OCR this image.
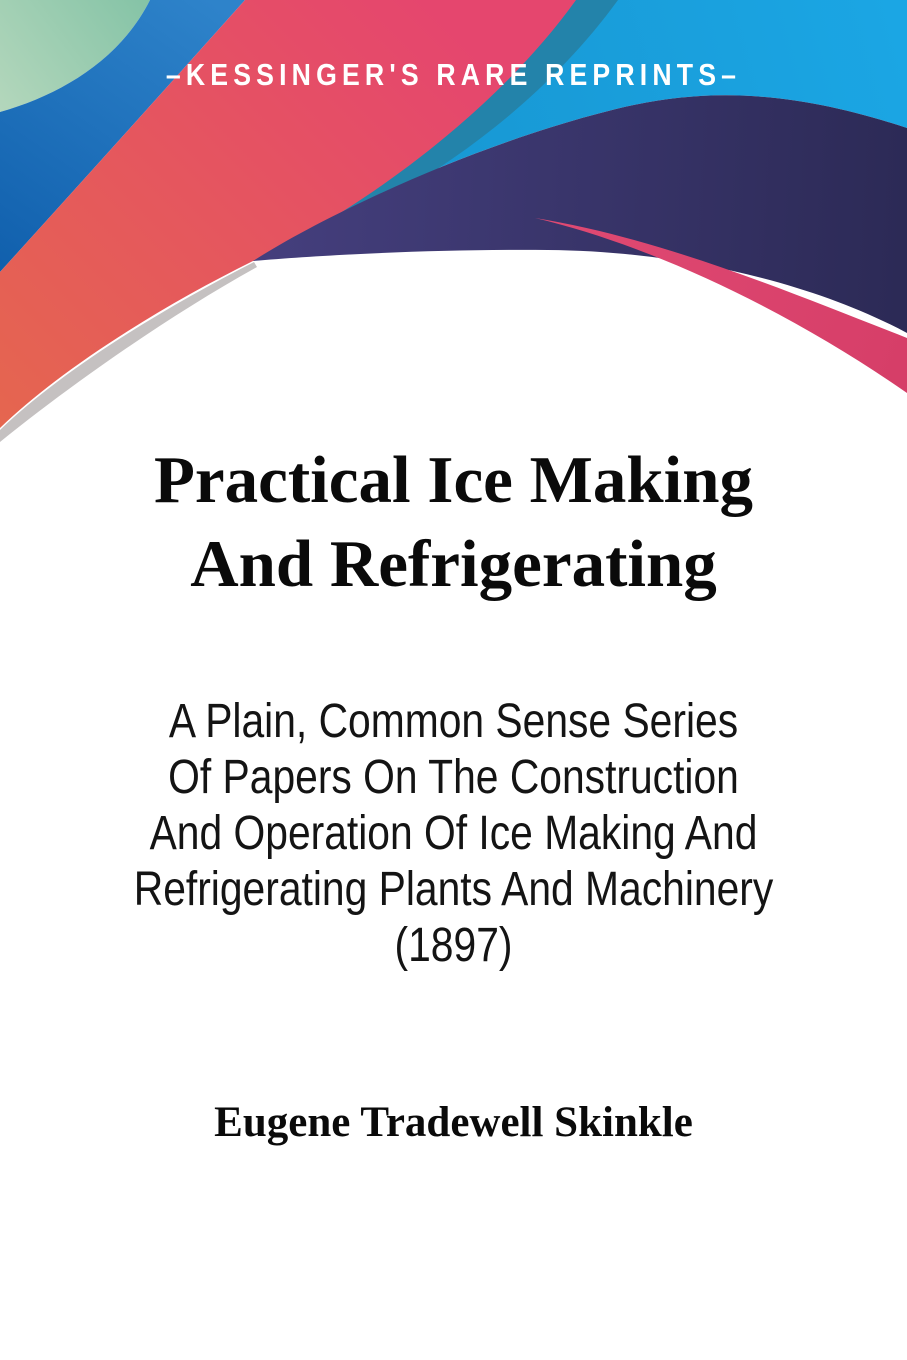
–KESSINGER'S RARE REPRINTS–
Practical Ice Making
And Refrigerating
A Plain, Common Sense Series
Of Papers On The Construction
And Operation Of Ice Making And
Refrigerating Plants And Machinery
(1897)
Eugene Tradewell Skinkle
